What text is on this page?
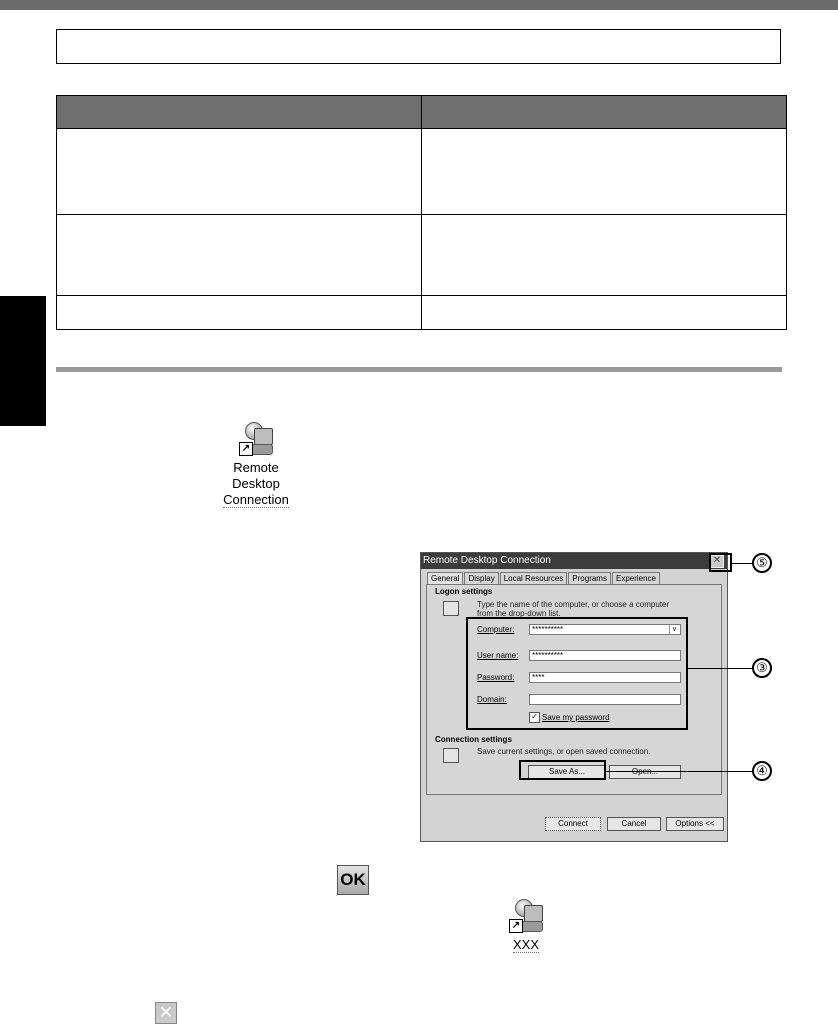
↗
Remote
Desktop
Connection
Remote Desktop Connection	✕
General	Display	Local Resources	Programs	Experience
Logon settings
Type the name of the computer, or choose a computer
from the drop-down list.
Computer:	**********	v
User name:	**********
Password:	****
Domain:
✓ Save my password
Connection settings
Save current settings, or open saved connection.
Save As...
Connect	Cancel	Options <<
⑤
③
④
OK
↗
XXX
✕
